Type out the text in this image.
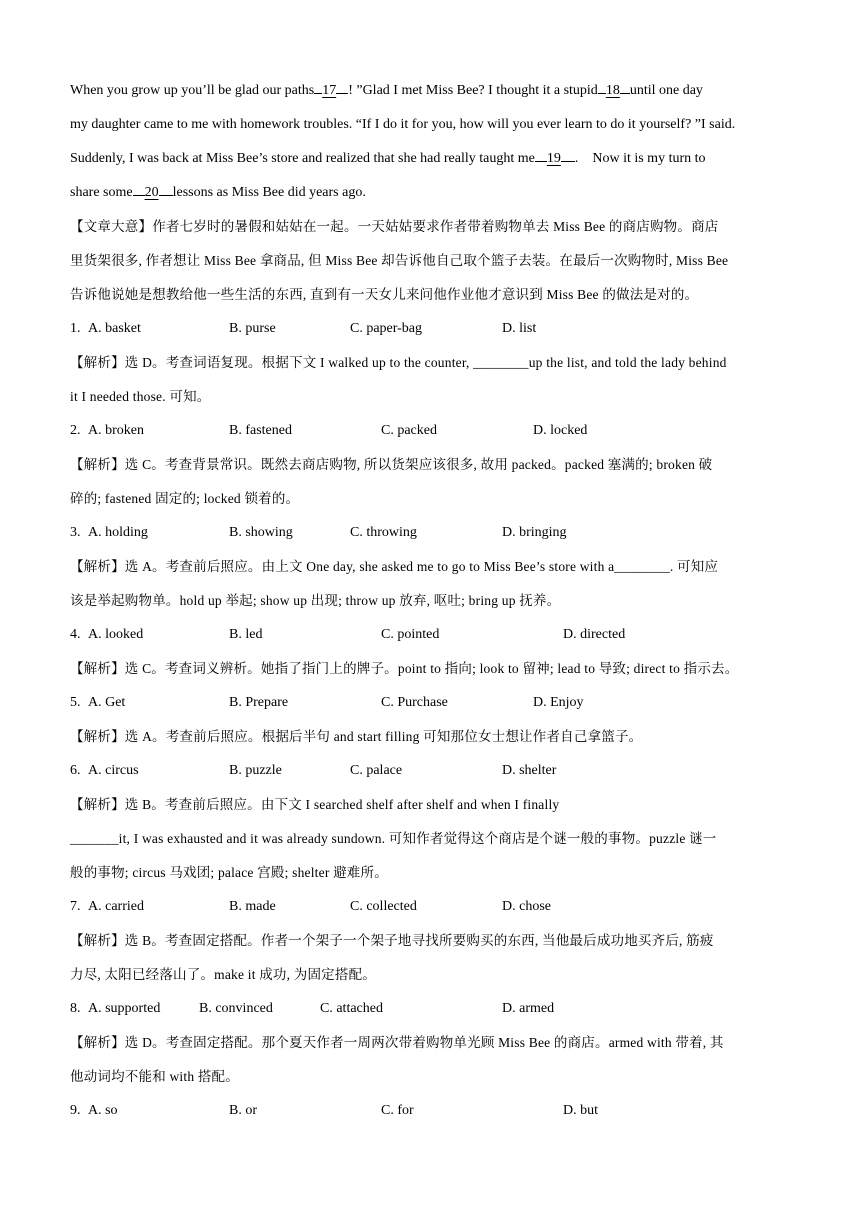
When you grow up you’ll be glad our paths 17 ! ”Glad I met Miss Bee? I thought it a stupid 18 until one day
my daughter came to me with homework troubles. “If I do it for you, how will you ever learn to do it yourself? ”I said.
Suddenly, I was back at Miss Bee’s store and realized that she had really taught me 19 .    Now it is my turn to
share some 20 lessons as Miss Bee did years ago.
【文章大意】作者七岁时的暑假和姑姑在一起。一天姑姑要求作者带着购物单去 Miss Bee 的商店购物。商店
里货架很多, 作者想让 Miss Bee 拿商品, 但 Miss Bee 却告诉他自己取个篮子去装。在最后一次购物时, Miss Bee
告诉他说她是想教给他一些生活的东西, 直到有一天女儿来问他作业他才意识到 Miss Bee 的做法是对的。
1. A. basket	B. purse	C. paper-bag	D. list
【解析】选 D。考查词语复现。根据下文 I walked up to the counter, ________up the list, and told the lady behind
it I needed those. 可知。
2. A. broken	B. fastened	C. packed	D. locked
【解析】选 C。考查背景常识。既然去商店购物, 所以货架应该很多, 故用 packed。packed 塞满的; broken 破
碎的; fastened 固定的; locked 锁着的。
3. A. holding	B. showing	C. throwing	D. bringing
【解析】选 A。考查前后照应。由上文 One day, she asked me to go to Miss Bee’s store with a________. 可知应
该是举起购物单。hold up 举起; show up 出现; throw up 放弃, 呕吐; bring up 抚养。
4. A. looked	B. led	C. pointed	D. directed
【解析】选 C。考查词义辨析。她指了指门上的牌子。point to 指向; look to 留神; lead to 导致; direct to 指示去。
5. A. Get	B. Prepare	C. Purchase	D. Enjoy
【解析】选 A。考查前后照应。根据后半句 and start filling 可知那位女士想让作者自己拿篮子。
6. A. circus	B. puzzle	C. palace	D. shelter
【解析】选 B。考查前后照应。由下文 I searched shelf after shelf and when I finally
_______it, I was exhausted and it was already sundown. 可知作者觉得这个商店是个谜一般的事物。puzzle 谜一
般的事物; circus 马戏团; palace 宫殿; shelter 避难所。
7. A. carried	B. made	C. collected	D. chose
【解析】选 B。考查固定搭配。作者一个架子一个架子地寻找所要购买的东西, 当他最后成功地买齐后, 筋疲
力尽, 太阳已经落山了。make it 成功, 为固定搭配。
8. A. supported	B. convinced	C. attached	D. armed
【解析】选 D。考查固定搭配。那个夏天作者一周两次带着购物单光顾 Miss Bee 的商店。armed with 带着, 其
他动词均不能和 with 搭配。
9. A. so	B. or	C. for	D. but
